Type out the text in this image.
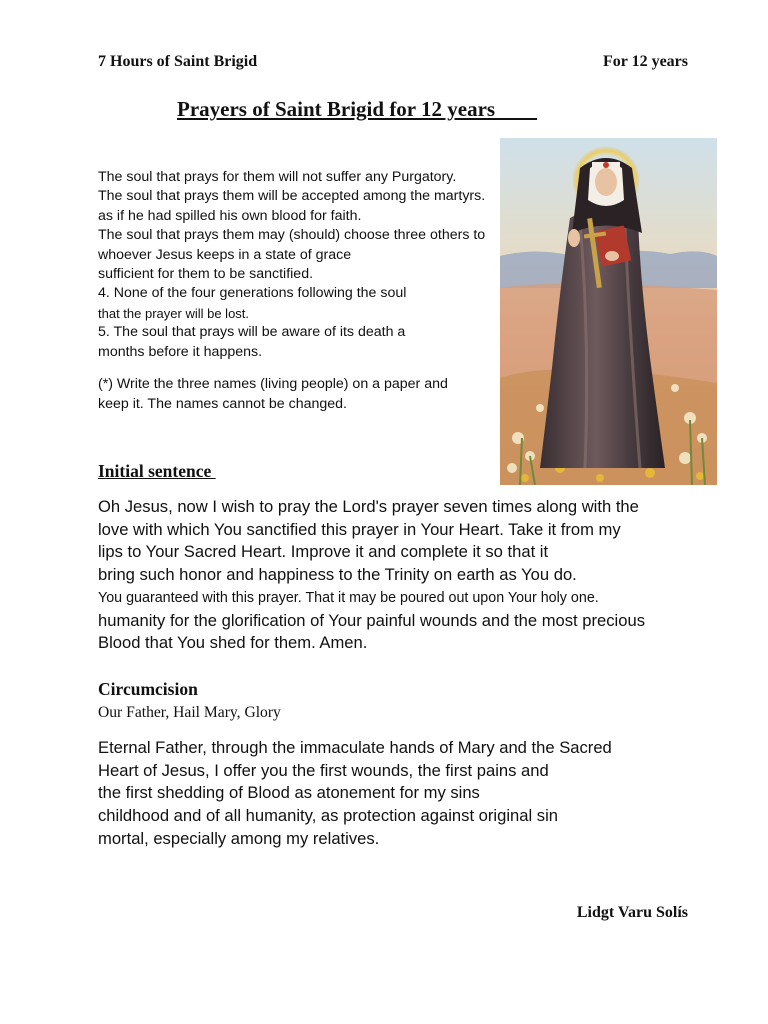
7 Hours of Saint Brigid	For 12 years
Prayers of Saint Brigid for 12 years
The soul that prays for them will not suffer any Purgatory.
The soul that prays them will be accepted among the martyrs.
as if he had spilled his own blood for faith.
The soul that prays them may (should) choose three others to
whoever Jesus keeps in a state of grace
sufficient for them to be sanctified.
4. None of the four generations following the soul
that the prayer will be lost.
5. The soul that prays will be aware of its death a
months before it happens.
(*) Write the three names (living people) on a paper and
keep it. The names cannot be changed.
Initial sentence
Oh Jesus, now I wish to pray the Lord's prayer seven times along with the
love with which You sanctified this prayer in Your Heart. Take it from my
lips to Your Sacred Heart. Improve it and complete it so that it
bring such honor and happiness to the Trinity on earth as You do.
You guaranteed with this prayer. That it may be poured out upon Your holy one.
humanity for the glorification of Your painful wounds and the most precious
Blood that You shed for them. Amen.
Circumcision
Our Father, Hail Mary, Glory
Eternal Father, through the immaculate hands of Mary and the Sacred
Heart of Jesus, I offer you the first wounds, the first pains and
the first shedding of Blood as atonement for my sins
childhood and of all humanity, as protection against original sin
mortal, especially among my relatives.
Lidgt Varu Solís
